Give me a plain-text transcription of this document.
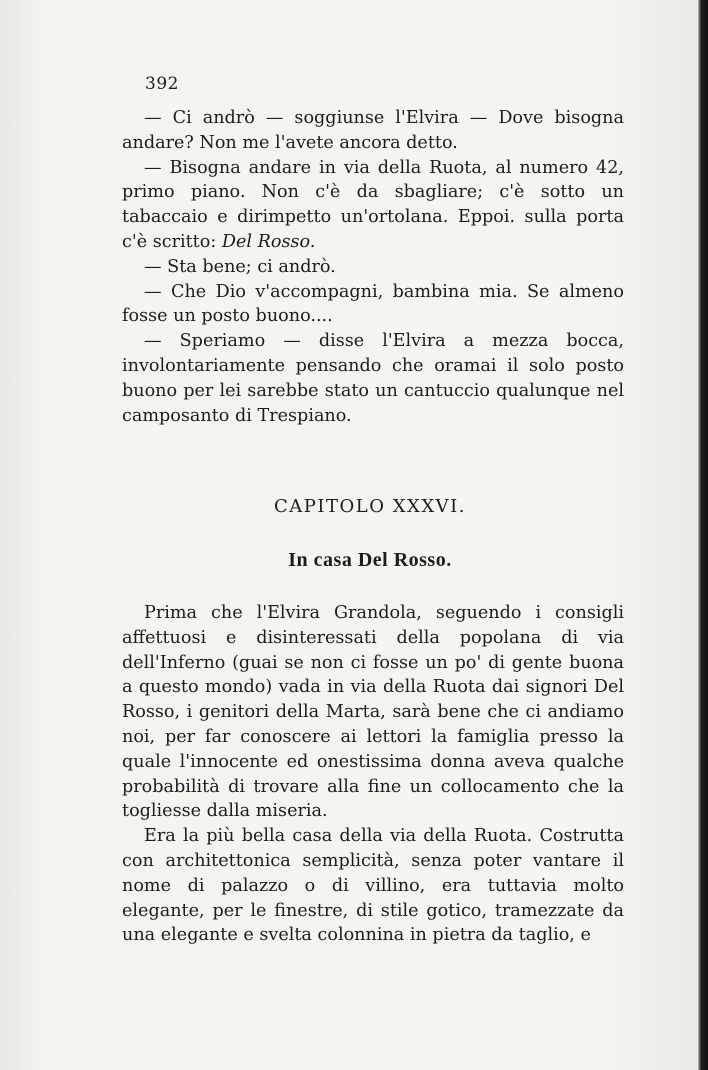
392

— Ci andrò — soggiunse l'Elvira — Dove bisogna andare? Non me l'avete ancora detto.

— Bisogna andare in via della Ruota, al numero 42, primo piano. Non c'è da sbagliare; c'è sotto un tabaccaio e dirimpetto un'ortolana. Eppoi. sulla porta c'è scritto: Del Rosso.

— Sta bene; ci andrò.

— Che Dio v'accompagni, bambina mia. Se almeno fosse un posto buono....

— Speriamo — disse l'Elvira a mezza bocca, involontariamente pensando che oramai il solo posto buono per lei sarebbe stato un cantuccio qualunque nel camposanto di Trespiano.

CAPITOLO XXXVI.
In casa Del Rosso.

Prima che l'Elvira Grandola, seguendo i consigli affettuosi e disinteressati della popolana di via dell'Inferno (guai se non ci fosse un po' di gente buona a questo mondo) vada in via della Ruota dai signori Del Rosso, i genitori della Marta, sarà bene che ci andiamo noi, per far conoscere ai lettori la famiglia presso la quale l'innocente ed onestissima donna aveva qualche probabilità di trovare alla fine un collocamento che la togliesse dalla miseria.

Era la più bella casa della via della Ruota. Costrutta con architettonica semplicità, senza poter vantare il nome di palazzo o di villino, era tuttavia molto elegante, per le finestre, di stile gotico, tramezzate da una elegante e svelta colonnina in pietra da taglio, e
